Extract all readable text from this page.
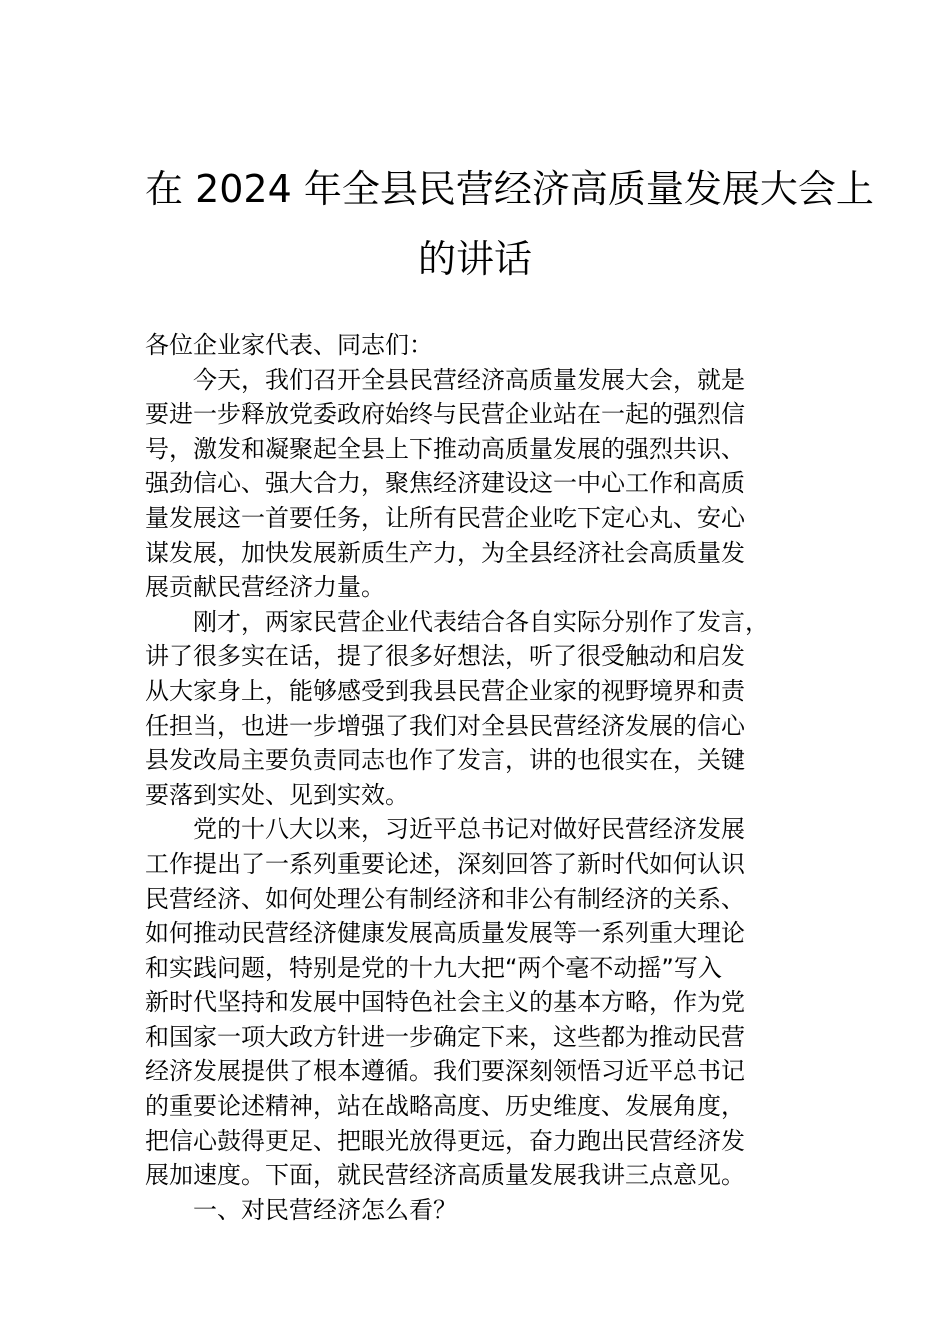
在 2024 年全县民营经济高质量发展大会上
的讲话

各位企业家代表、同志们：

今天，我们召开全县民营经济高质量发展大会，就是
要进一步释放党委政府始终与民营企业站在一起的强烈信
号，激发和凝聚起全县上下推动高质量发展的强烈共识、
强劲信心、强大合力，聚焦经济建设这一中心工作和高质
量发展这一首要任务，让所有民营企业吃下定心丸、安心
谋发展，加快发展新质生产力，为全县经济社会高质量发
展贡献民营经济力量。

刚才，两家民营企业代表结合各自实际分别作了发言，
讲了很多实在话，提了很多好想法，听了很受触动和启发
从大家身上，能够感受到我县民营企业家的视野境界和责
任担当，也进一步增强了我们对全县民营经济发展的信心
县发改局主要负责同志也作了发言，讲的也很实在，关键
要落到实处、见到实效。

党的十八大以来，习近平总书记对做好民营经济发展
工作提出了一系列重要论述，深刻回答了新时代如何认识
民营经济、如何处理公有制经济和非公有制经济的关系、
如何推动民营经济健康发展高质量发展等一系列重大理论
和实践问题，特别是党的十九大把“两个毫不动摇”写入
新时代坚持和发展中国特色社会主义的基本方略，作为党
和国家一项大政方针进一步确定下来，这些都为推动民营
经济发展提供了根本遵循。我们要深刻领悟习近平总书记
的重要论述精神，站在战略高度、历史维度、发展角度，
把信心鼓得更足、把眼光放得更远，奋力跑出民营经济发
展加速度。下面，就民营经济高质量发展我讲三点意见。

一、对民营经济怎么看？
